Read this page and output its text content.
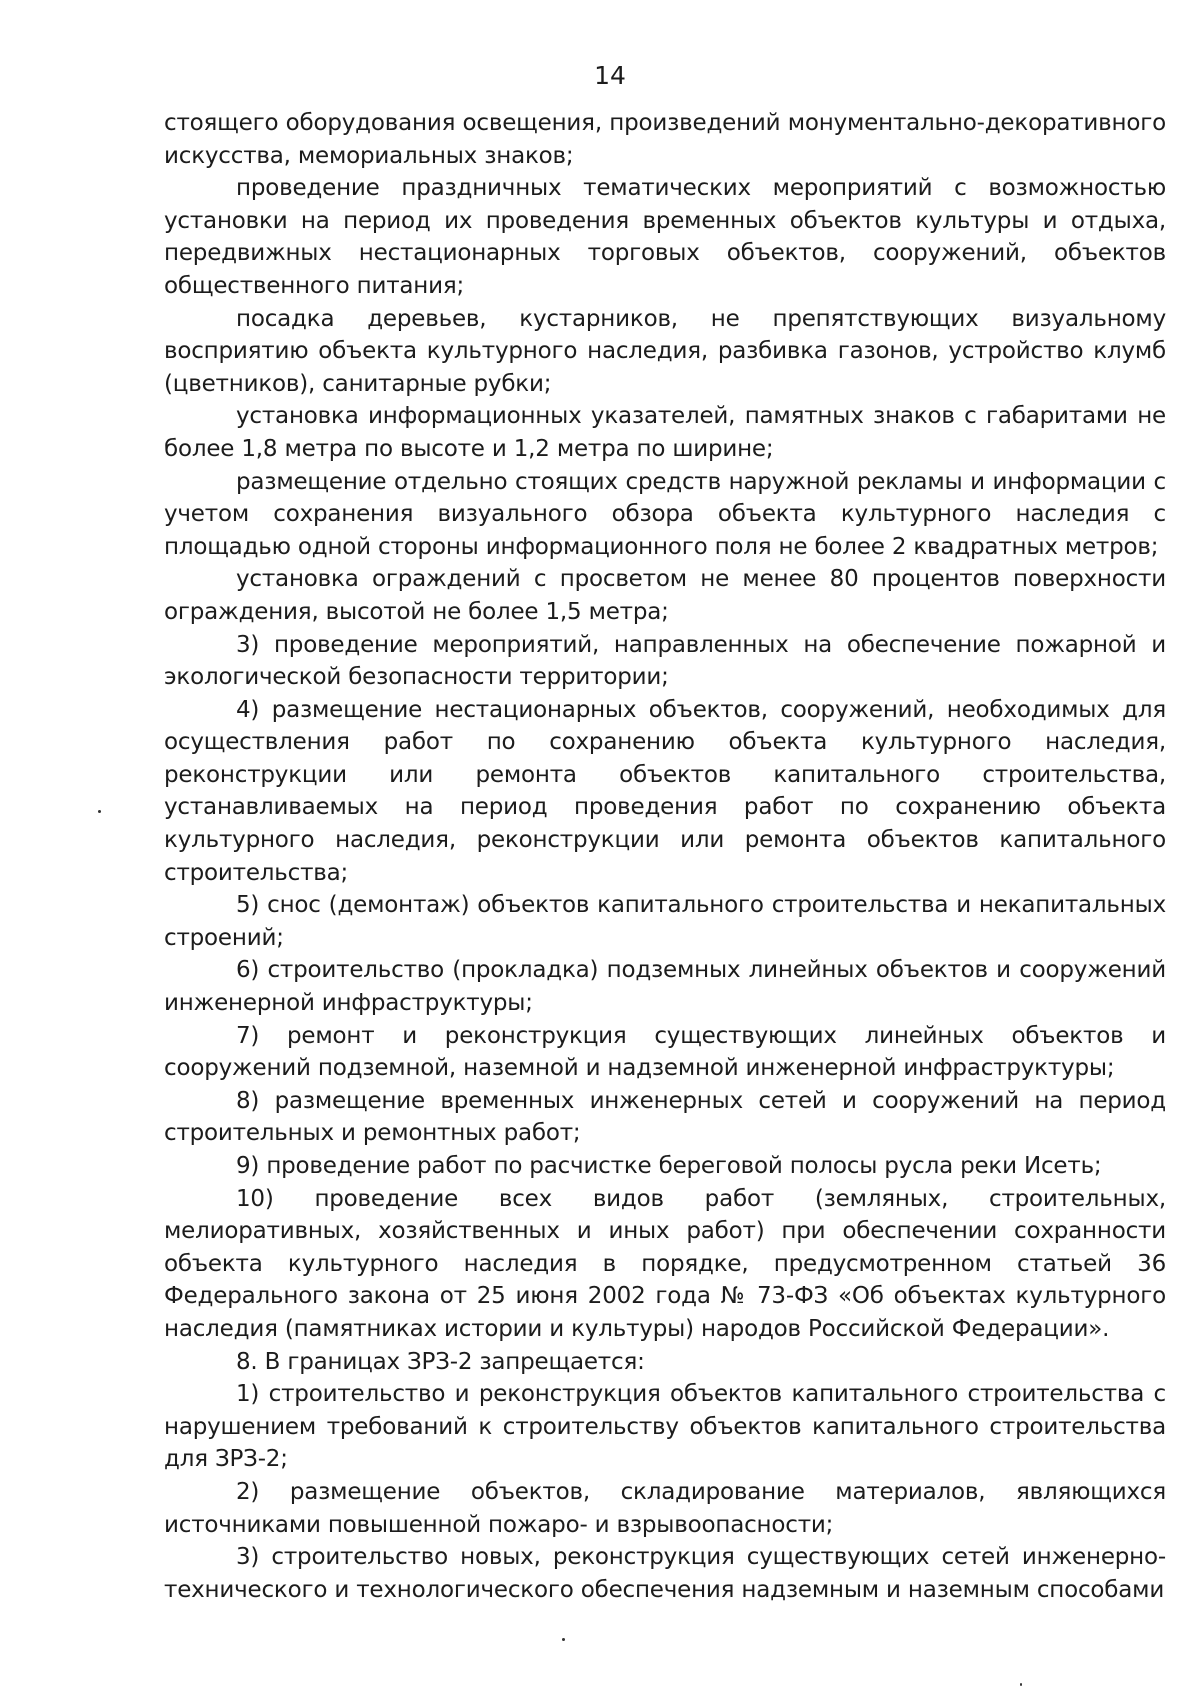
14

стоящего оборудования освещения, произведений монументально-декоративного искусства, мемориальных знаков;

проведение праздничных тематических мероприятий с возможностью установки на период их проведения временных объектов культуры и отдыха, передвижных нестационарных торговых объектов, сооружений, объектов общественного питания;

посадка деревьев, кустарников, не препятствующих визуальному восприятию объекта культурного наследия, разбивка газонов, устройство клумб (цветников), санитарные рубки;

установка информационных указателей, памятных знаков с габаритами не более 1,8 метра по высоте и 1,2 метра по ширине;

размещение отдельно стоящих средств наружной рекламы и информации с учетом сохранения визуального обзора объекта культурного наследия с площадью одной стороны информационного поля не более 2 квадратных метров;

установка ограждений с просветом не менее 80 процентов поверхности ограждения, высотой не более 1,5 метра;

3) проведение мероприятий, направленных на обеспечение пожарной и экологической безопасности территории;

4) размещение нестационарных объектов, сооружений, необходимых для осуществления работ по сохранению объекта культурного наследия, реконструкции или ремонта объектов капитального строительства, устанавливаемых на период проведения работ по сохранению объекта культурного наследия, реконструкции или ремонта объектов капитального строительства;

5) снос (демонтаж) объектов капитального строительства и некапитальных строений;

6) строительство (прокладка) подземных линейных объектов и сооружений инженерной инфраструктуры;

7) ремонт и реконструкция существующих линейных объектов и сооружений подземной, наземной и надземной инженерной инфраструктуры;

8) размещение временных инженерных сетей и сооружений на период строительных и ремонтных работ;

9) проведение работ по расчистке береговой полосы русла реки Исеть;

10) проведение всех видов работ (земляных, строительных, мелиоративных, хозяйственных и иных работ) при обеспечении сохранности объекта культурного наследия в порядке, предусмотренном статьей 36 Федерального закона от 25 июня 2002 года № 73-ФЗ «Об объектах культурного наследия (памятниках истории и культуры) народов Российской Федерации».

8. В границах ЗРЗ-2 запрещается:

1) строительство и реконструкция объектов капитального строительства с нарушением требований к строительству объектов капитального строительства для ЗРЗ-2;

2) размещение объектов, складирование материалов, являющихся источниками повышенной пожаро- и взрывоопасности;

3) строительство новых, реконструкция существующих сетей инженерно-технического и технологического обеспечения надземным и наземным способами
